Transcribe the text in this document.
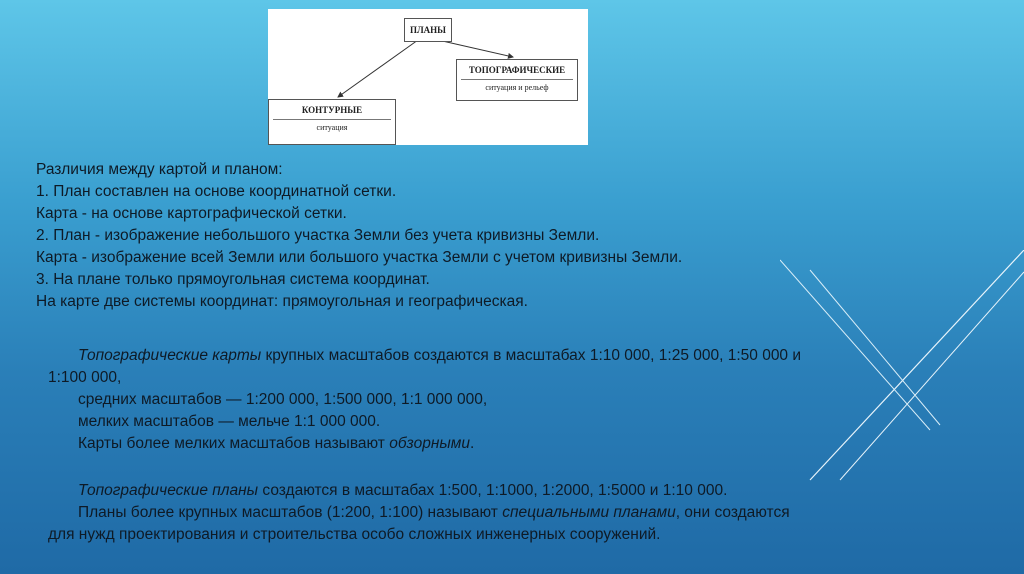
ПЛАНЫ
ТОПОГРАФИЧЕСКИЕ
ситуация и рельеф
КОНТУРНЫЕ
ситуация
Различия между картой и планом:
1. План составлен на основе координатной сетки.
Карта - на основе картографической сетки.
2. План - изображение небольшого участка Земли без учета кривизны Земли.
Карта - изображение всей Земли или большого участка Земли с учетом кривизны Земли.
3. На плане только прямоугольная система координат.
На карте две системы координат: прямоугольная и географическая.
Топографические карты крупных масштабов создаются в масштабах 1:10 000, 1:25 000, 1:50 000 и
1:100 000,
средних масштабов — 1:200 000, 1:500 000, 1:1 000 000,
мелких масштабов — мельче 1:1 000 000.
Карты более мелких масштабов называют обзорными.
Топографические планы создаются в масштабах 1:500, 1:1000, 1:2000, 1:5000 и 1:10 000.
Планы более крупных масштабов (1:200, 1:100) называют специальными планами, они создаются
для нужд проектирования и строительства особо сложных инженерных сооружений.
